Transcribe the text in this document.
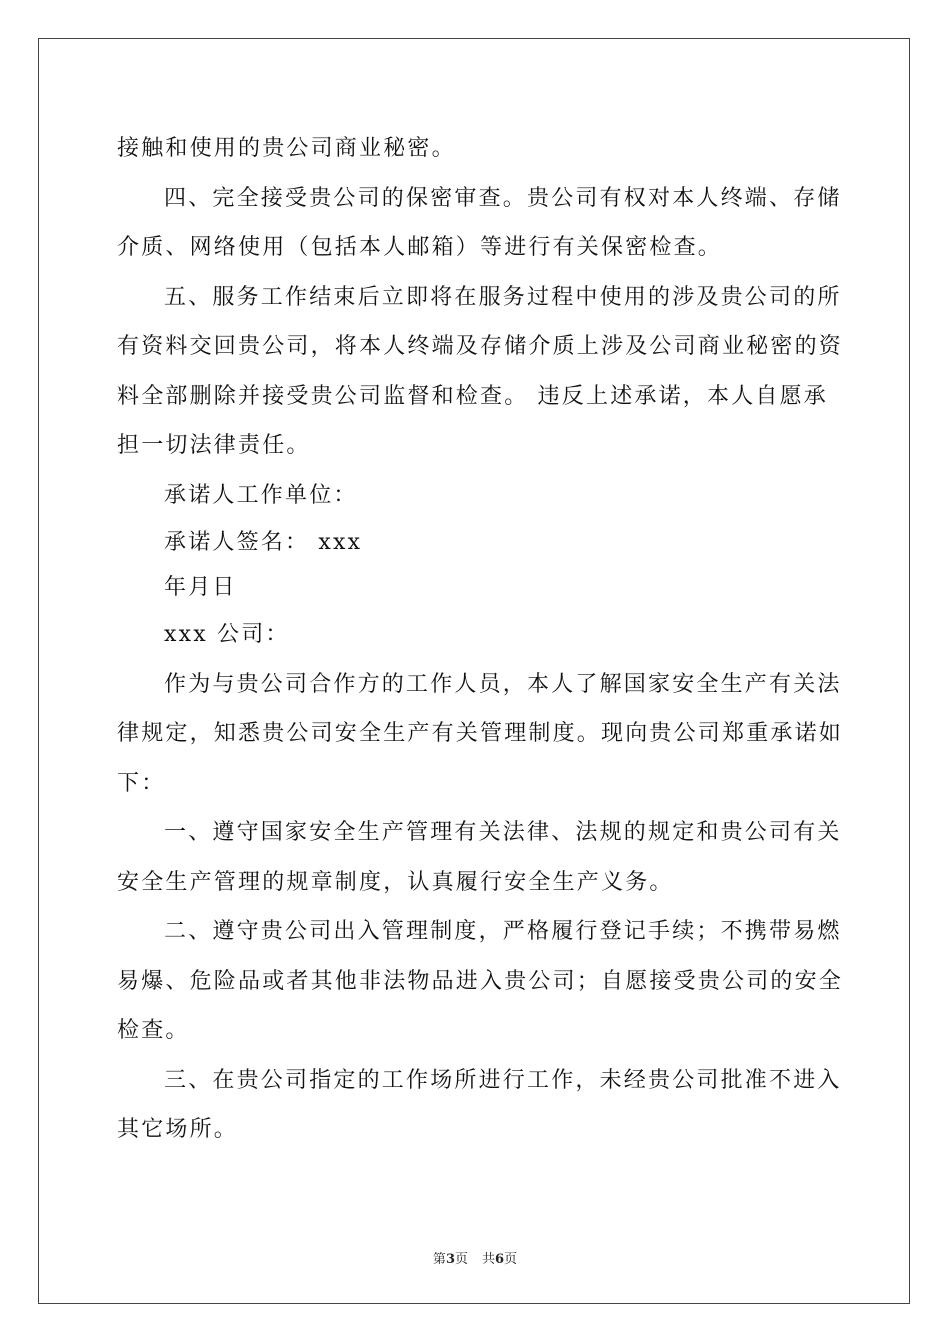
接触和使用的贵公司商业秘密。
四、完全接受贵公司的保密审查。贵公司有权对本人终端、存储
介质、网络使用（包括本人邮箱）等进行有关保密检查。
五、服务工作结束后立即将在服务过程中使用的涉及贵公司的所
有资料交回贵公司，将本人终端及存储介质上涉及公司商业秘密的资
料全部删除并接受贵公司监督和检查。 违反上述承诺，本人自愿承
担一切法律责任。
承诺人工作单位：
承诺人签名： xxx
年月日
xxx 公司：
作为与贵公司合作方的工作人员，本人了解国家安全生产有关法
律规定，知悉贵公司安全生产有关管理制度。现向贵公司郑重承诺如
下：
一、遵守国家安全生产管理有关法律、法规的规定和贵公司有关
安全生产管理的规章制度，认真履行安全生产义务。
二、遵守贵公司出入管理制度，严格履行登记手续；不携带易燃
易爆、危险品或者其他非法物品进入贵公司；自愿接受贵公司的安全
检查。
三、在贵公司指定的工作场所进行工作，未经贵公司批准不进入
其它场所。
第3页 共6页
